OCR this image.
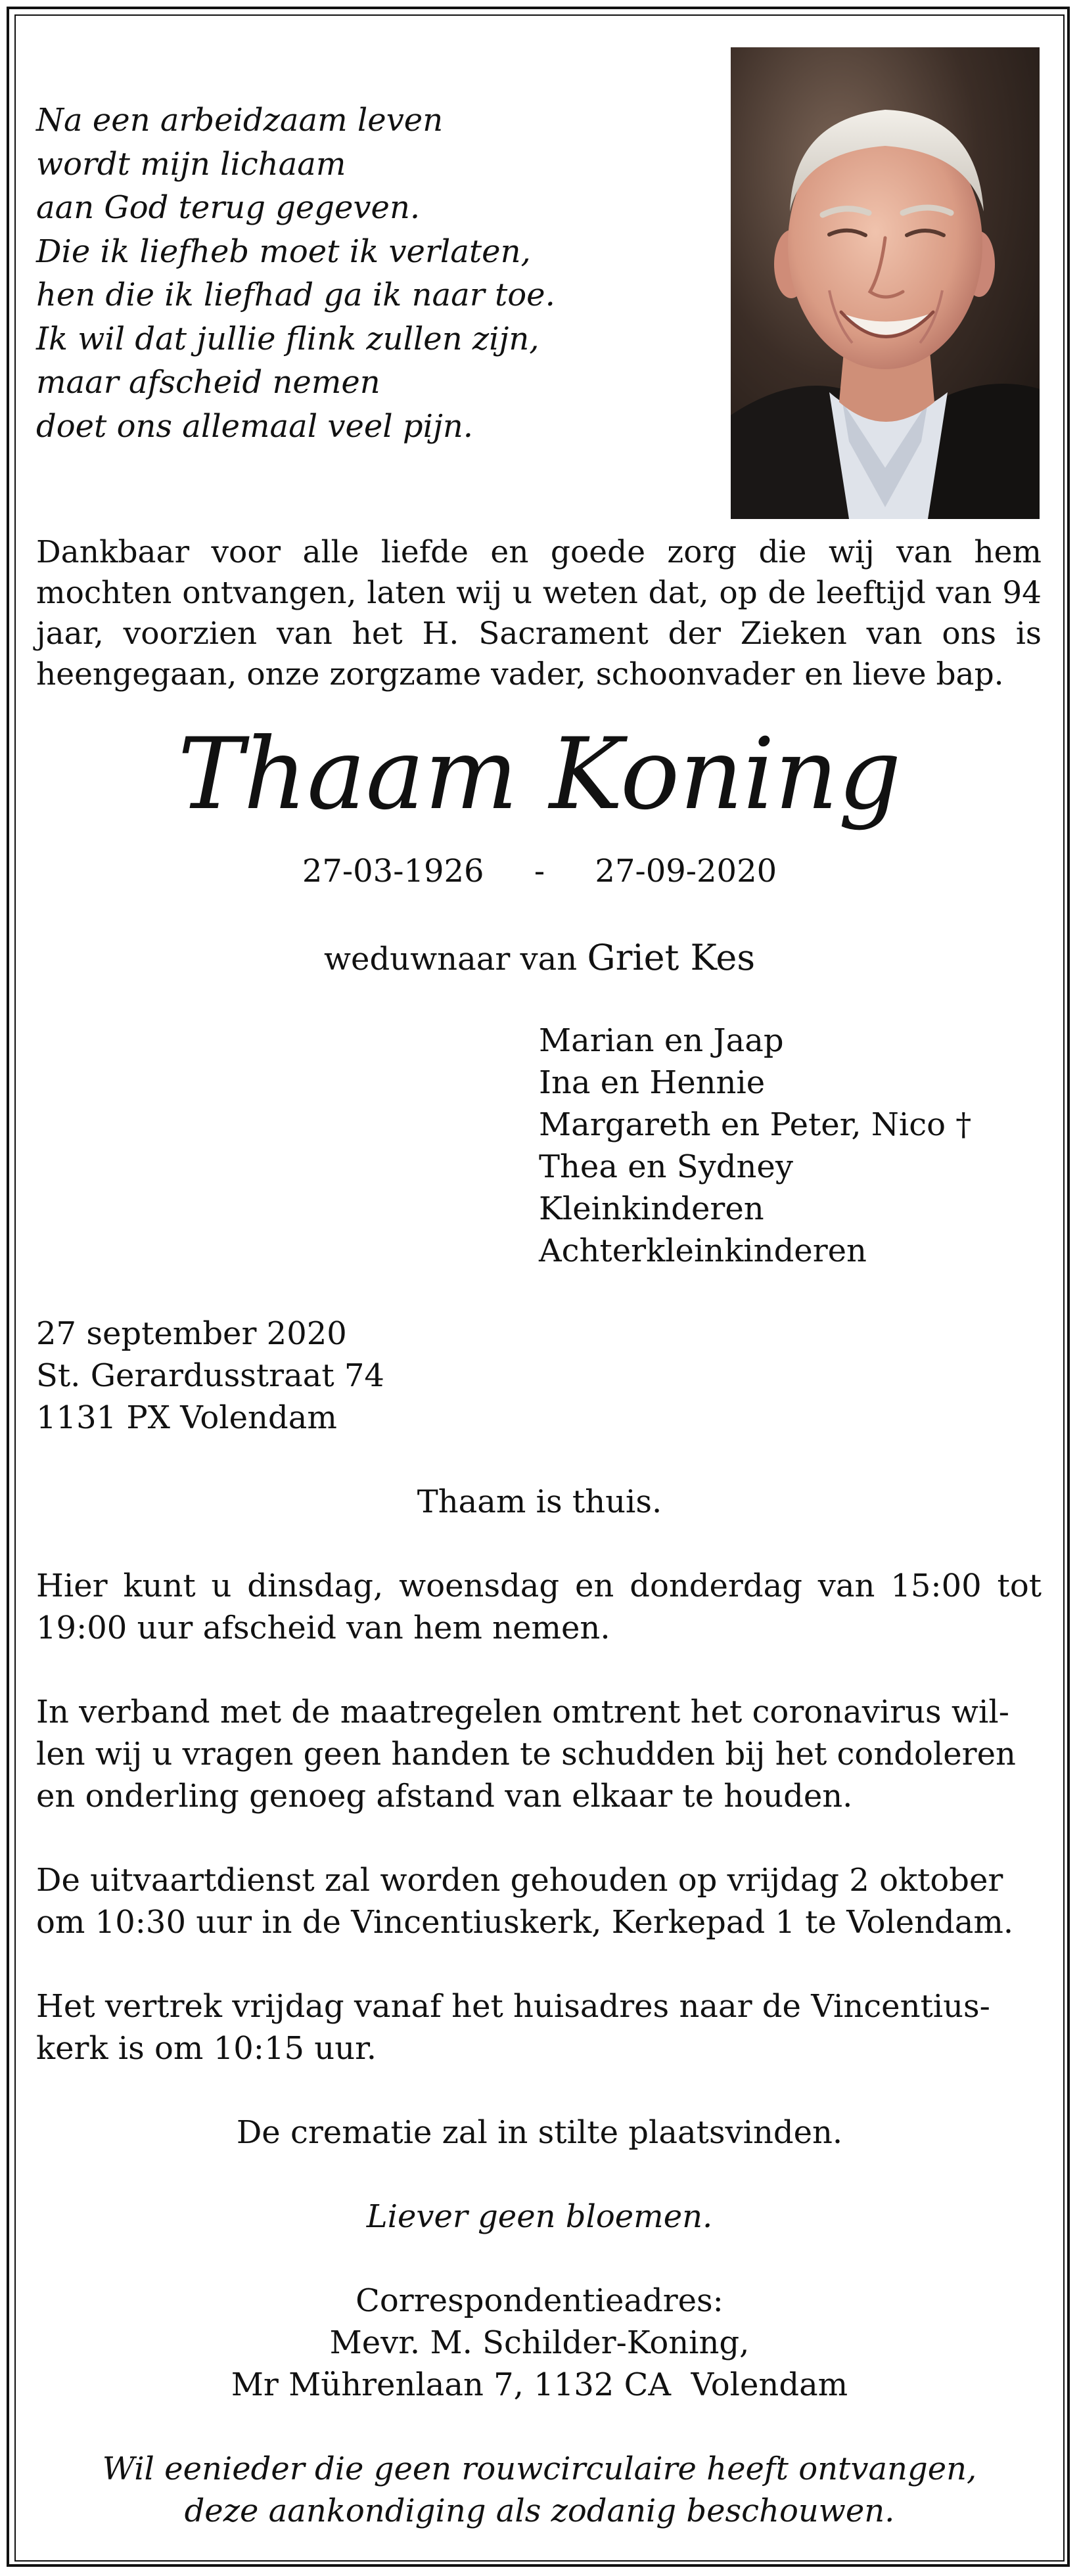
Na een arbeidzaam leven
wordt mijn lichaam
aan God terug gegeven.
Die ik liefheb moet ik verlaten,
hen die ik liefhad ga ik naar toe.
Ik wil dat jullie flink zullen zijn,
maar afscheid nemen
doet ons allemaal veel pijn.
Dankbaar voor alle liefde en goede zorg die wij van hem mochten ontvangen, laten wij u weten dat, op de leeftijd van 94 jaar, voorzien van het H. Sacrament der Zieken van ons is heengegaan, onze zorgzame vader, schoonvader en lieve bap.
Thaam Koning
27-03-1926 - 27-09-2020
weduwnaar van Griet Kes
Marian en Jaap
Ina en Hennie
Margareth en Peter, Nico †
Thea en Sydney
Kleinkinderen
Achterkleinkinderen
27 september 2020
St. Gerardusstraat 74
1131 PX Volendam
Thaam is thuis.
Hier kunt u dinsdag, woensdag en donderdag van 15:00 tot 19:00 uur afscheid van hem nemen.
In verband met de maatregelen omtrent het coronavirus wil-
len wij u vragen geen handen te schudden bij het condoleren
en onderling genoeg afstand van elkaar te houden.
De uitvaartdienst zal worden gehouden op vrijdag 2 oktober
om 10:30 uur in de Vincentiuskerk, Kerkepad 1 te Volendam.
Het vertrek vrijdag vanaf het huisadres naar de Vincentius-
kerk is om 10:15 uur.
De crematie zal in stilte plaatsvinden.
Liever geen bloemen.
Correspondentieadres:
Mevr. M. Schilder-Koning,
Mr Mührenlaan 7, 1132 CA  Volendam
Wil eenieder die geen rouwcirculaire heeft ontvangen,
deze aankondiging als zodanig beschouwen.
